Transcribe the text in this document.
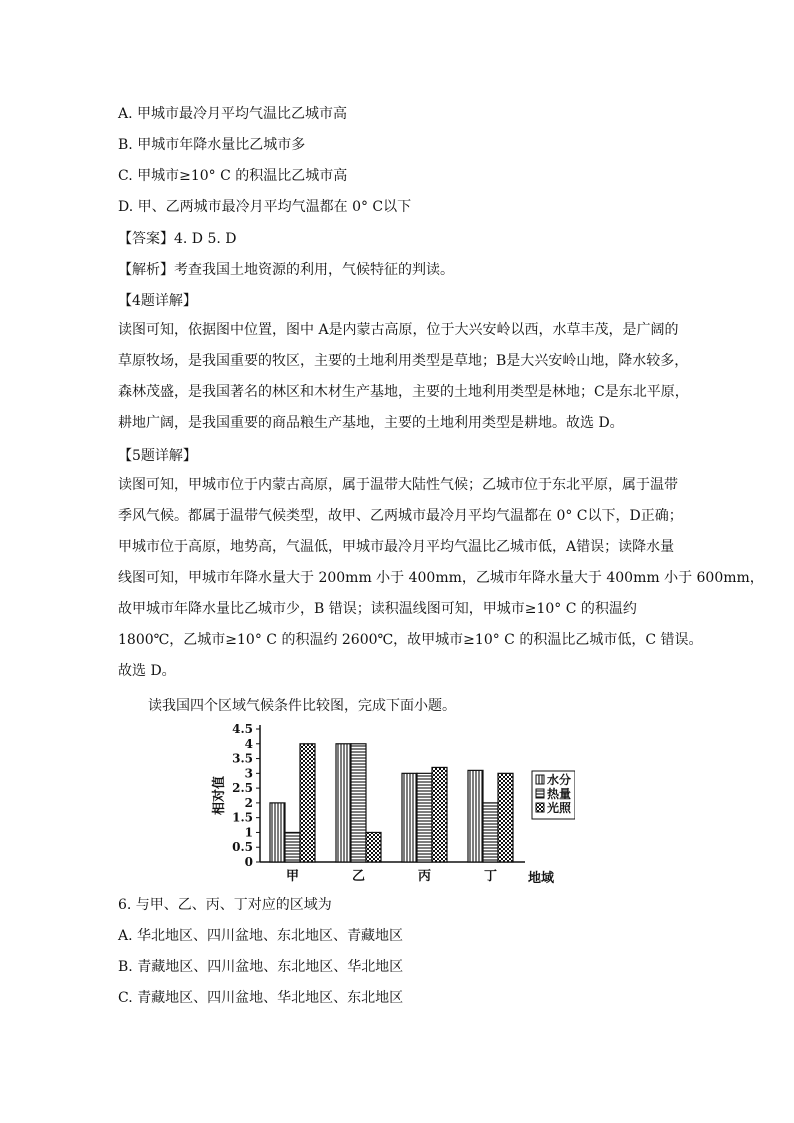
A. 甲城市最冷月平均气温比乙城市高
B. 甲城市年降水量比乙城市多
C. 甲城市≥10° C 的积温比乙城市高
D. 甲、乙两城市最冷月平均气温都在 0° C以下
【答案】4. D 5. D
【解析】考查我国土地资源的利用，气候特征的判读。
【4题详解】
读图可知，依据图中位置，图中 A是内蒙古高原，位于大兴安岭以西，水草丰茂，是广阔的
草原牧场，是我国重要的牧区，主要的土地利用类型是草地；B是大兴安岭山地，降水较多，
森林茂盛，是我国著名的林区和木材生产基地，主要的土地利用类型是林地；C是东北平原，
耕地广阔，是我国重要的商品粮生产基地，主要的土地利用类型是耕地。故选 D。
【5题详解】
读图可知，甲城市位于内蒙古高原，属于温带大陆性气候；乙城市位于东北平原，属于温带
季风气候。都属于温带气候类型，故甲、乙两城市最冷月平均气温都在 0° C以下，D正确；
甲城市位于高原，地势高，气温低，甲城市最冷月平均气温比乙城市低，A错误；读降水量
线图可知，甲城市年降水量大于 200mm 小于 400mm，乙城市年降水量大于 400mm 小于 600mm，
故甲城市年降水量比乙城市少，B 错误；读积温线图可知，甲城市≥10° C 的积温约
1800℃，乙城市≥10° C 的积温约 2600℃，故甲城市≥10° C 的积温比乙城市低，C 错误。
故选 D。
读我国四个区域气候条件比较图，完成下面小题。
0
0.5
1
1.5
2
2.5
3
3.5
4
4.5
相对值
甲	乙	丙	丁 地域
水分
热量
光照
6. 与甲、乙、丙、丁对应的区域为
A. 华北地区、四川盆地、东北地区、青藏地区
B. 青藏地区、四川盆地、东北地区、华北地区
C. 青藏地区、四川盆地、华北地区、东北地区
